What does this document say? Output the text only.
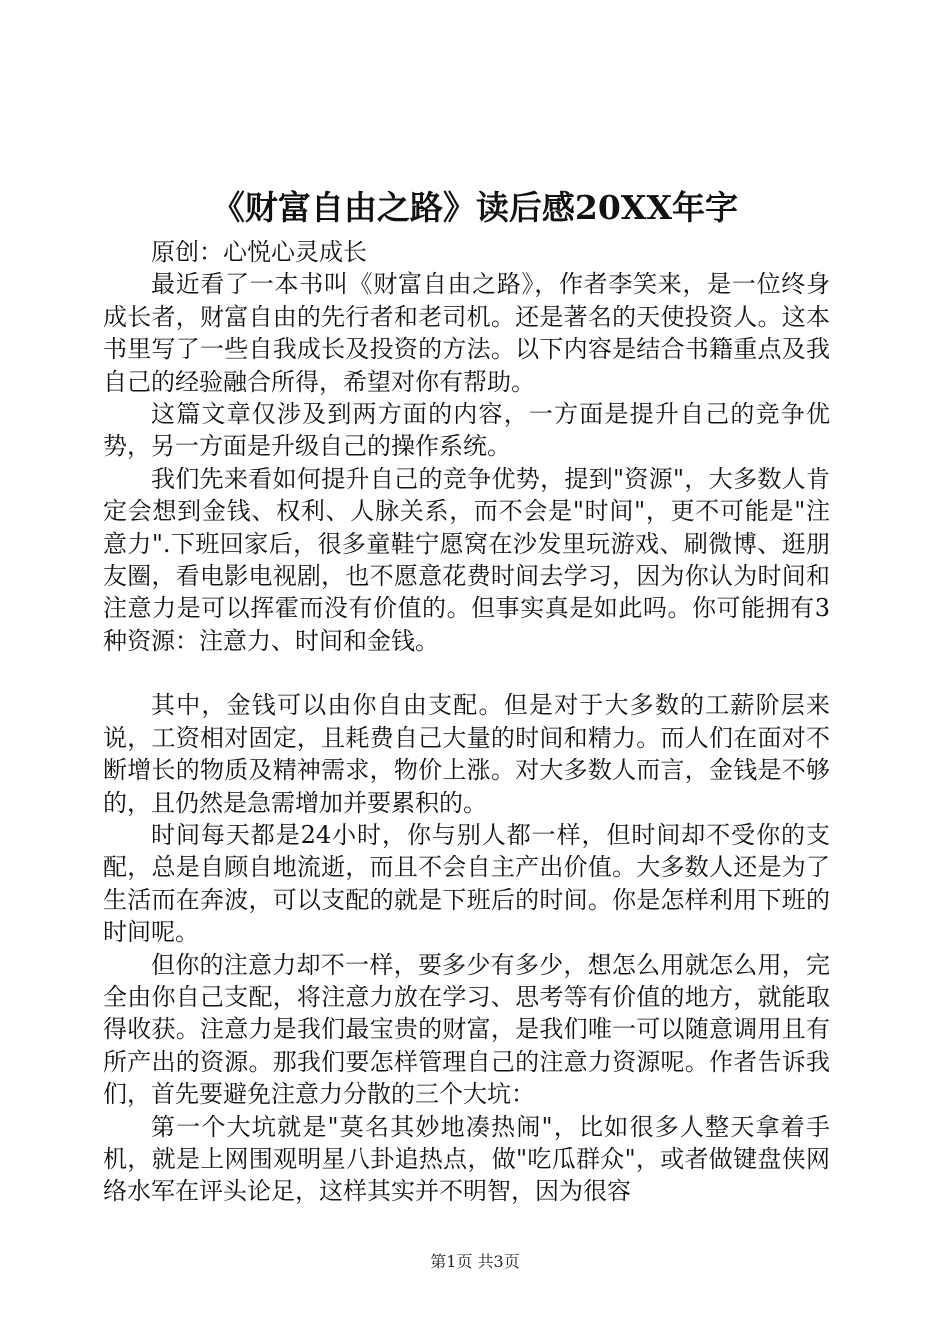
《财富自由之路》读后感20XX年字

原创：心悦心灵成长

最近看了一本书叫《财富自由之路》，作者李笑来，是一位终身成长者，财富自由的先行者和老司机。还是著名的天使投资人。这本书里写了一些自我成长及投资的方法。以下内容是结合书籍重点及我自己的经验融合所得，希望对你有帮助。

这篇文章仅涉及到两方面的内容，一方面是提升自己的竞争优势，另一方面是升级自己的操作系统。

我们先来看如何提升自己的竞争优势，提到"资源"，大多数人肯定会想到金钱、权利、人脉关系，而不会是"时间"，更不可能是"注意力".下班回家后，很多童鞋宁愿窝在沙发里玩游戏、刷微博、逛朋友圈，看电影电视剧，也不愿意花费时间去学习，因为你认为时间和注意力是可以挥霍而没有价值的。但事实真是如此吗。你可能拥有3种资源：注意力、时间和金钱。

其中，金钱可以由你自由支配。但是对于大多数的工薪阶层来说，工资相对固定，且耗费自己大量的时间和精力。而人们在面对不断增长的物质及精神需求，物价上涨。对大多数人而言，金钱是不够的，且仍然是急需增加并要累积的。

时间每天都是24小时，你与别人都一样，但时间却不受你的支配，总是自顾自地流逝，而且不会自主产出价值。大多数人还是为了生活而在奔波，可以支配的就是下班后的时间。你是怎样利用下班的时间呢。

但你的注意力却不一样，要多少有多少，想怎么用就怎么用，完全由你自己支配，将注意力放在学习、思考等有价值的地方，就能取得收获。注意力是我们最宝贵的财富，是我们唯一可以随意调用且有所产出的资源。那我们要怎样管理自己的注意力资源呢。作者告诉我们，首先要避免注意力分散的三个大坑：

第一个大坑就是"莫名其妙地凑热闹"，比如很多人整天拿着手机，就是上网围观明星八卦追热点，做"吃瓜群众"，或者做键盘侠网络水军在评头论足，这样其实并不明智，因为很容

第1页 共3页
